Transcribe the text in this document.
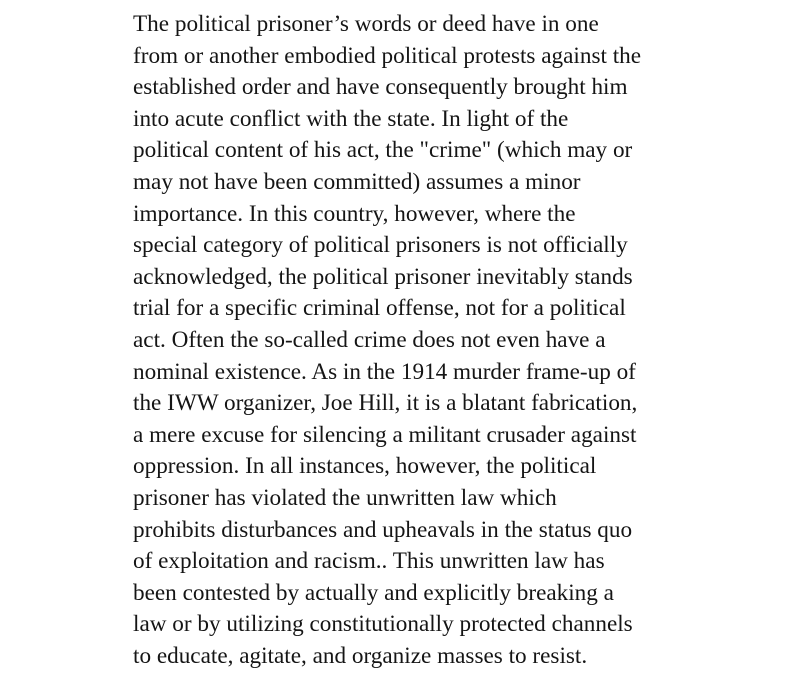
The political prisoner’s words or deed have in one
from or another embodied political protests against the
established order and have consequently brought him
into acute conflict with the state. In light of the
political content of his act, the "crime" (which may or
may not have been committed) assumes a minor
importance. In this country, however, where the
special category of political prisoners is not officially
acknowledged, the political prisoner inevitably stands
trial for a specific criminal offense, not for a political
act. Often the so-called crime does not even have a
nominal existence. As in the 1914 murder frame-up of
the IWW organizer, Joe Hill, it is a blatant fabrication,
a mere excuse for silencing a militant crusader against
oppression. In all instances, however, the political
prisoner has violated the unwritten law which
prohibits disturbances and upheavals in the status quo
of exploitation and racism.. This unwritten law has
been contested by actually and explicitly breaking a
law or by utilizing constitutionally protected channels
to educate, agitate, and organize masses to resist.
